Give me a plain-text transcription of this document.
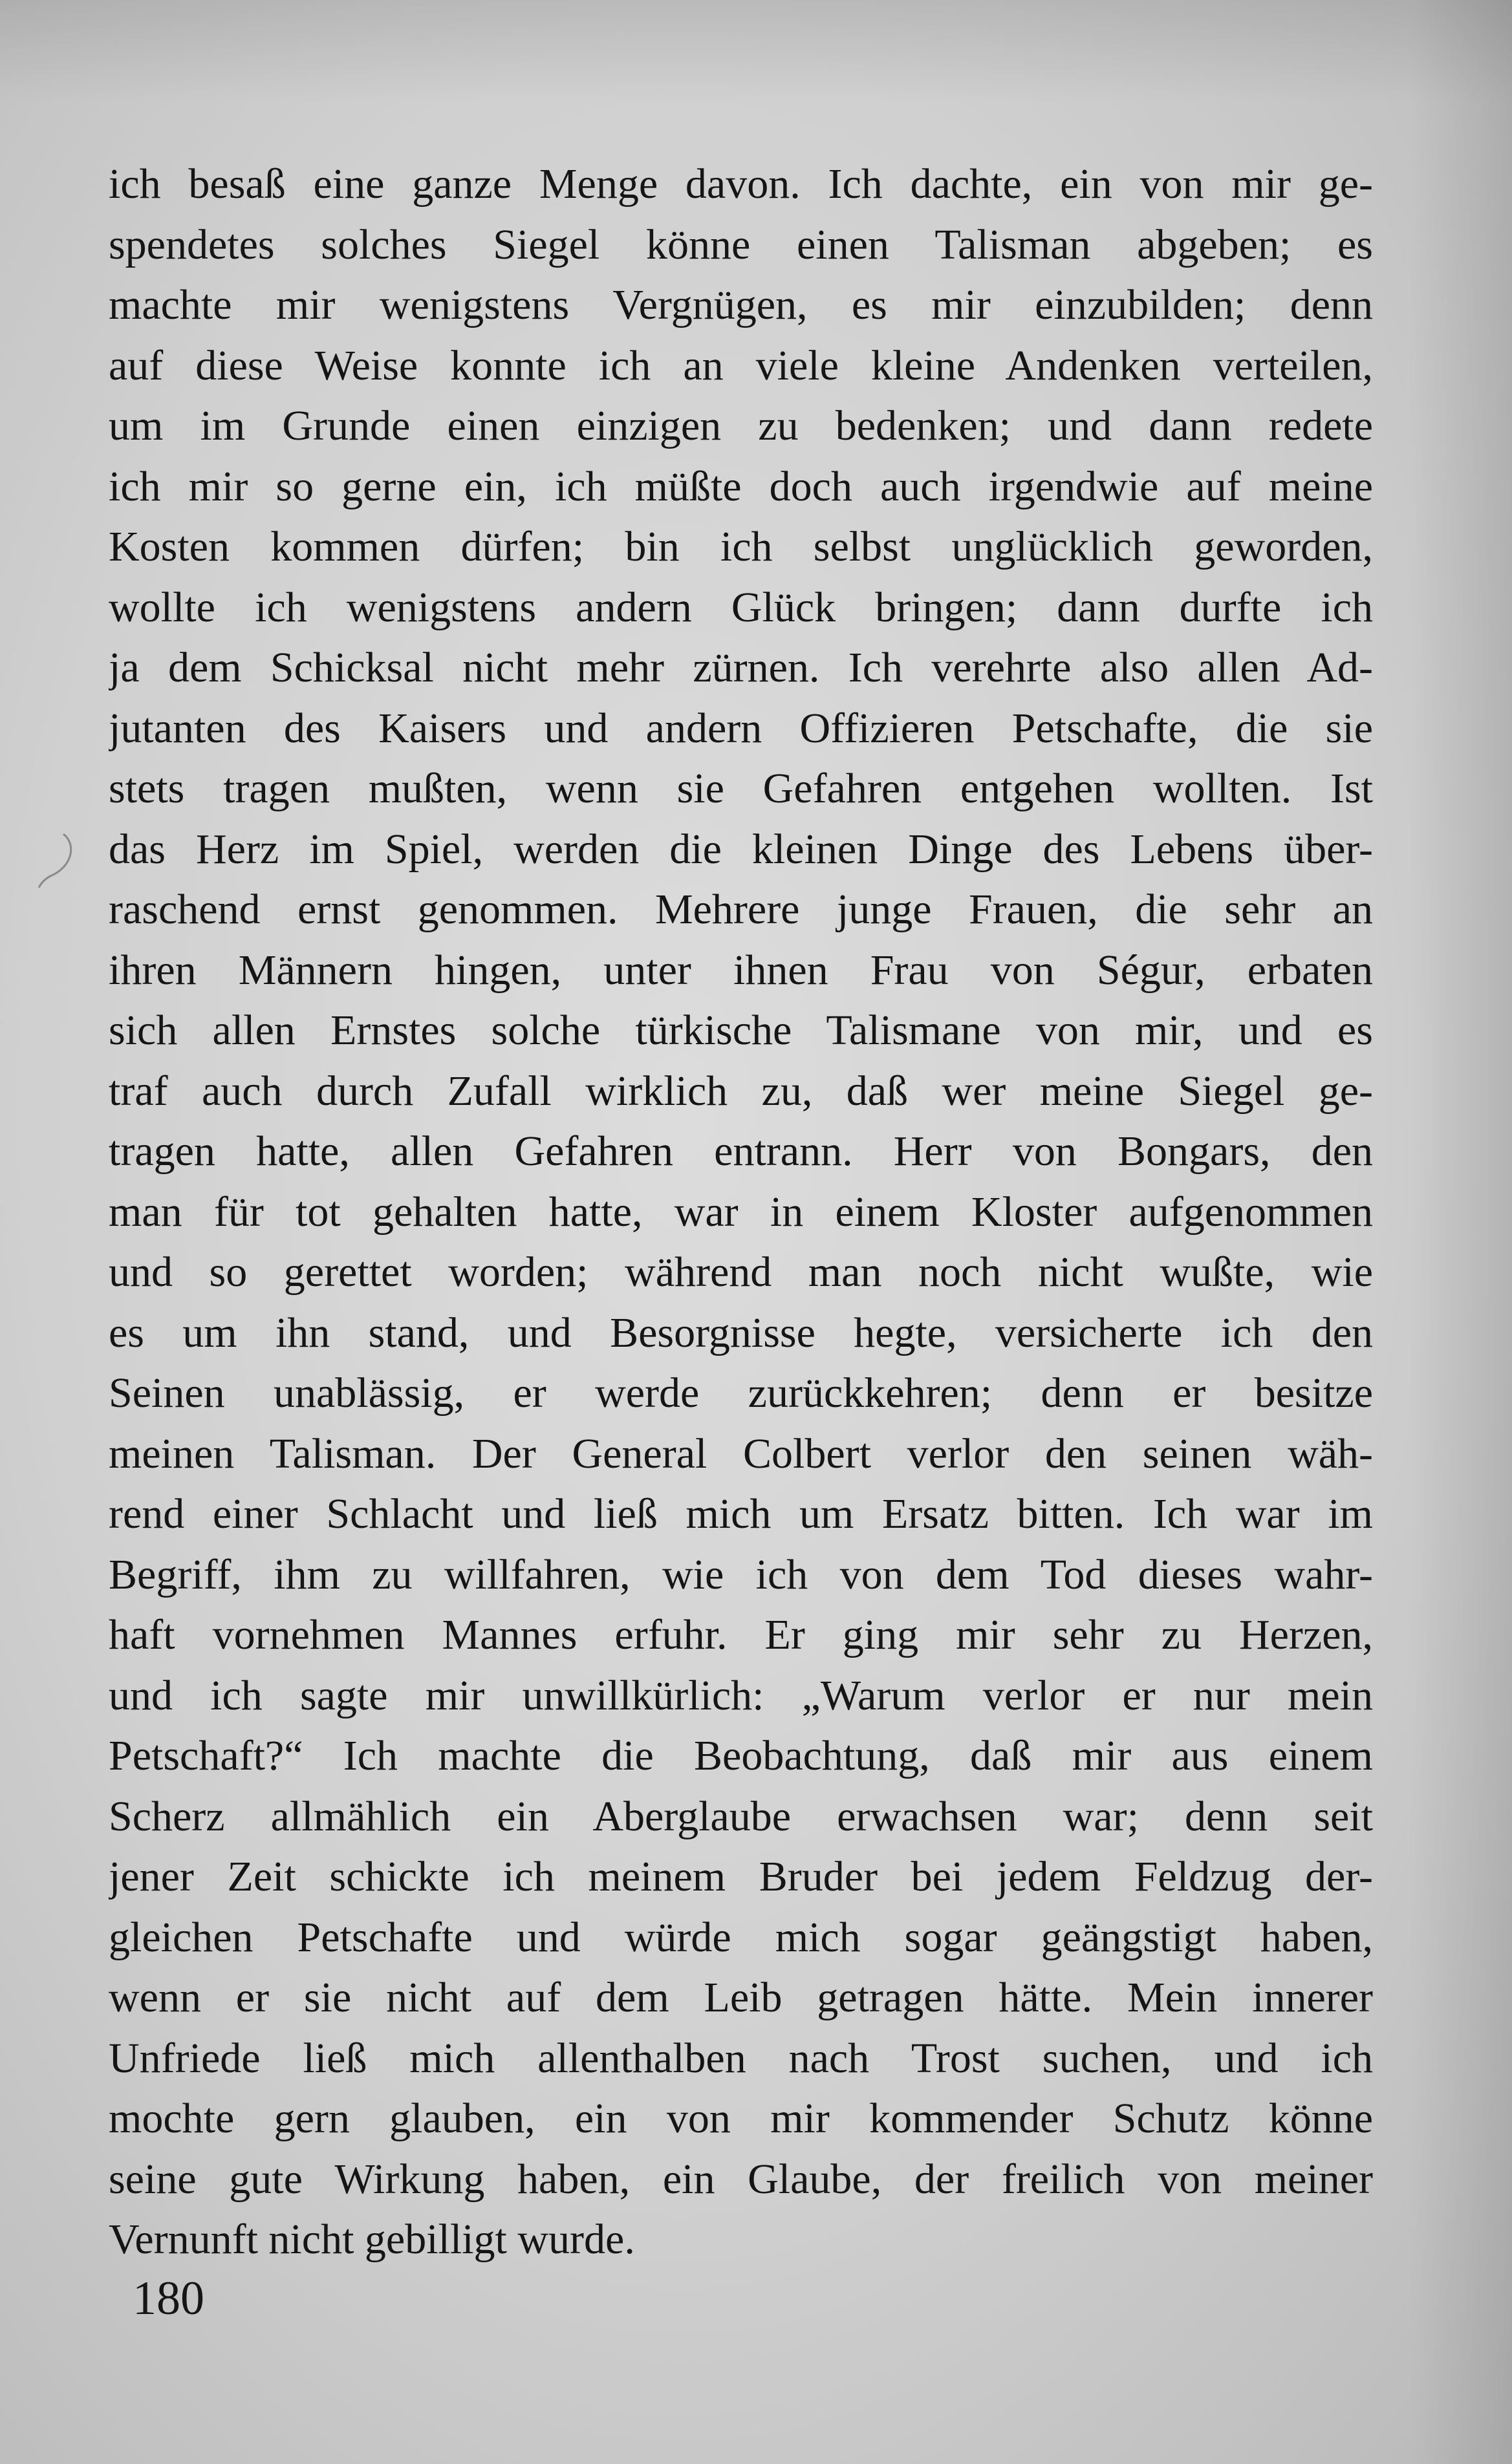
ich besaß eine ganze Menge davon. Ich dachte, ein von mir ge-
spendetes solches Siegel könne einen Talisman abgeben; es
machte mir wenigstens Vergnügen, es mir einzubilden; denn
auf diese Weise konnte ich an viele kleine Andenken verteilen,
um im Grunde einen einzigen zu bedenken; und dann redete
ich mir so gerne ein, ich müßte doch auch irgendwie auf meine
Kosten kommen dürfen; bin ich selbst unglücklich geworden,
wollte ich wenigstens andern Glück bringen; dann durfte ich
ja dem Schicksal nicht mehr zürnen. Ich verehrte also allen Ad-
jutanten des Kaisers und andern Offizieren Petschafte, die sie
stets tragen mußten, wenn sie Gefahren entgehen wollten. Ist
das Herz im Spiel, werden die kleinen Dinge des Lebens über-
raschend ernst genommen. Mehrere junge Frauen, die sehr an
ihren Männern hingen, unter ihnen Frau von Ségur, erbaten
sich allen Ernstes solche türkische Talismane von mir, und es
traf auch durch Zufall wirklich zu, daß wer meine Siegel ge-
tragen hatte, allen Gefahren entrann. Herr von Bongars, den
man für tot gehalten hatte, war in einem Kloster aufgenommen
und so gerettet worden; während man noch nicht wußte, wie
es um ihn stand, und Besorgnisse hegte, versicherte ich den
Seinen unablässig, er werde zurückkehren; denn er besitze
meinen Talisman. Der General Colbert verlor den seinen wäh-
rend einer Schlacht und ließ mich um Ersatz bitten. Ich war im
Begriff, ihm zu willfahren, wie ich von dem Tod dieses wahr-
haft vornehmen Mannes erfuhr. Er ging mir sehr zu Herzen,
und ich sagte mir unwillkürlich: „Warum verlor er nur mein
Petschaft?“ Ich machte die Beobachtung, daß mir aus einem
Scherz allmählich ein Aberglaube erwachsen war; denn seit
jener Zeit schickte ich meinem Bruder bei jedem Feldzug der-
gleichen Petschafte und würde mich sogar geängstigt haben,
wenn er sie nicht auf dem Leib getragen hätte. Mein innerer
Unfriede ließ mich allenthalben nach Trost suchen, und ich
mochte gern glauben, ein von mir kommender Schutz könne
seine gute Wirkung haben, ein Glaube, der freilich von meiner
Vernunft nicht gebilligt wurde.
180
